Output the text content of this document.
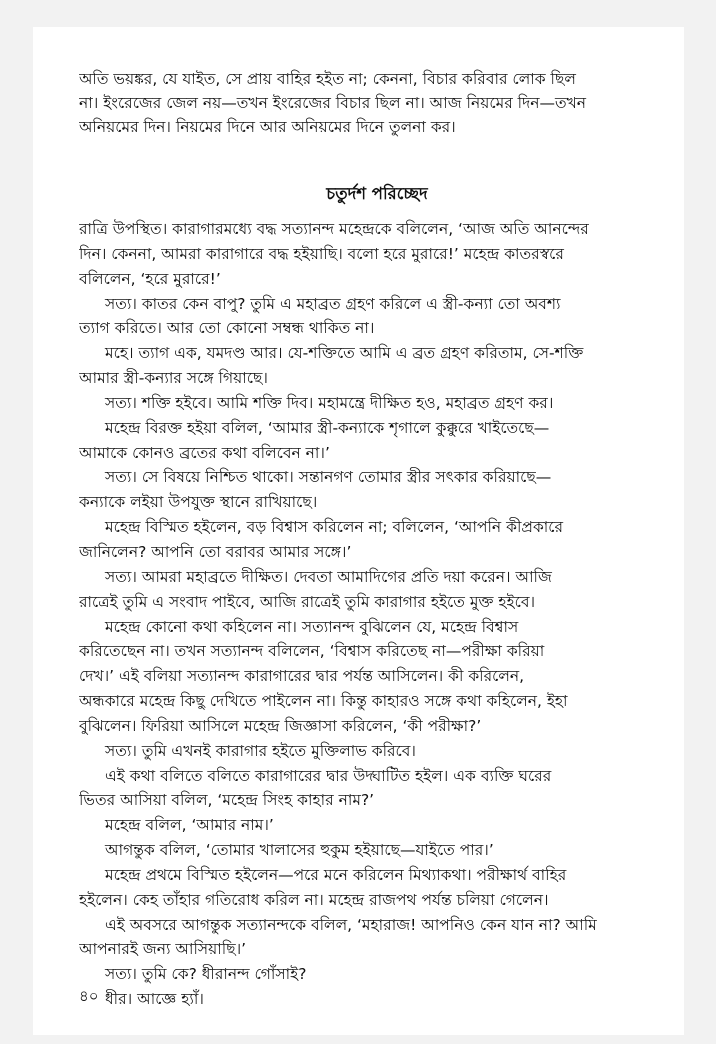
অতি ভয়ঙ্কর, যে যাইত, সে প্রায় বাহির হইত না; কেননা, বিচার করিবার লোক ছিল
না। ইংরেজের জেল নয়—তখন ইংরেজের বিচার ছিল না। আজ নিয়মের দিন—তখন
অনিয়মের দিন। নিয়মের দিনে আর অনিয়মের দিনে তুলনা কর।
চতুর্দশ পরিচ্ছেদ
রাত্রি উপস্থিত। কারাগারমধ্যে বদ্ধ সত্যানন্দ মহেন্দ্রকে বলিলেন, ‘আজ অতি আনন্দের
দিন। কেননা, আমরা কারাগারে বদ্ধ হইয়াছি। বলো হরে মুরারে!’ মহেন্দ্র কাতরস্বরে
বলিলেন, ‘হরে মুরারে!’
সত্য। কাতর কেন বাপু? তুমি এ মহাব্রত গ্রহণ করিলে এ স্ত্রী-কন্যা তো অবশ্য
ত্যাগ করিতে। আর তো কোনো সম্বন্ধ থাকিত না।
মহে। ত্যাগ এক, যমদণ্ড আর। যে-শক্তিতে আমি এ ব্রত গ্রহণ করিতাম, সে-শক্তি
আমার স্ত্রী-কন্যার সঙ্গে গিয়াছে।
সত্য। শক্তি হইবে। আমি শক্তি দিব। মহামন্ত্রে দীক্ষিত হও, মহাব্রত গ্রহণ কর।
মহেন্দ্র বিরক্ত হইয়া বলিল, ‘আমার স্ত্রী-কন্যাকে শৃগালে কুক্কুরে খাইতেছে—
আমাকে কোনও ব্রতের কথা বলিবেন না।’
সত্য। সে বিষয়ে নিশ্চিত থাকো। সন্তানগণ তোমার স্ত্রীর সৎকার করিয়াছে—
কন্যাকে লইয়া উপযুক্ত স্থানে রাখিয়াছে।
মহেন্দ্র বিস্মিত হইলেন, বড় বিশ্বাস করিলেন না; বলিলেন, ‘আপনি কীপ্রকারে
জানিলেন? আপনি তো বরাবর আমার সঙ্গে।’
সত্য। আমরা মহাব্রতে দীক্ষিত। দেবতা আমাদিগের প্রতি দয়া করেন। আজি
রাত্রেই তুমি এ সংবাদ পাইবে, আজি রাত্রেই তুমি কারাগার হইতে মুক্ত হইবে।
মহেন্দ্র কোনো কথা কহিলেন না। সত্যানন্দ বুঝিলেন যে, মহেন্দ্র বিশ্বাস
করিতেছেন না। তখন সত্যানন্দ বলিলেন, ‘বিশ্বাস করিতেছ না—পরীক্ষা করিয়া
দেখ।’ এই বলিয়া সত্যানন্দ কারাগারের দ্বার পর্যন্ত আসিলেন। কী করিলেন,
অন্ধকারে মহেন্দ্র কিছু দেখিতে পাইলেন না। কিন্তু কাহারও সঙ্গে কথা কহিলেন, ইহা
বুঝিলেন। ফিরিয়া আসিলে মহেন্দ্র জিজ্ঞাসা করিলেন, ‘কী পরীক্ষা?’
সত্য। তুমি এখনই কারাগার হইতে মুক্তিলাভ করিবে।
এই কথা বলিতে বলিতে কারাগারের দ্বার উদ্ঘাটিত হইল। এক ব্যক্তি ঘরের
ভিতর আসিয়া বলিল, ‘মহেন্দ্র সিংহ কাহার নাম?’
মহেন্দ্র বলিল, ‘আমার নাম।’
আগন্তুক বলিল, ‘তোমার খালাসের হুকুম হইয়াছে—যাইতে পার।’
মহেন্দ্র প্রথমে বিস্মিত হইলেন—পরে মনে করিলেন মিথ্যাকথা। পরীক্ষার্থ বাহির
হইলেন। কেহ তাঁহার গতিরোধ করিল না। মহেন্দ্র রাজপথ পর্যন্ত চলিয়া গেলেন।
এই অবসরে আগন্তুক সত্যানন্দকে বলিল, ‘মহারাজ! আপনিও কেন যান না? আমি
আপনারই জন্য আসিয়াছি।’
সত্য। তুমি কে? ধীরানন্দ গোঁসাই?
ধীর। আজ্ঞে হ্যাঁ।
৪০
